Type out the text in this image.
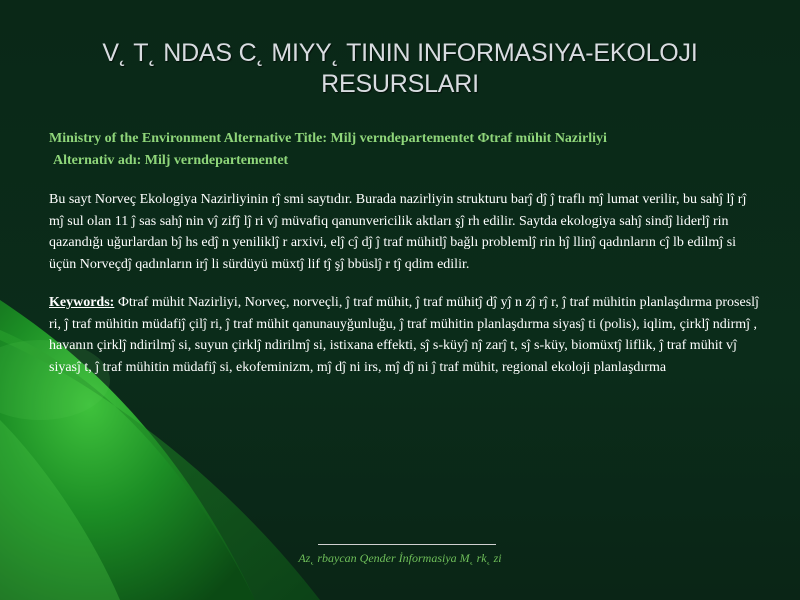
V˛ T˛ NDAS C˛ MIYY˛ TININ INFORMASIYA-EKOLOJI
RESURSLARI

Ministry of the Environment Alternative Title: Milj verndepartementet Фtraf mühit Nazirliyi
Alternativ adı: Milj verndepartementet

Bu sayt Norveç Ekologiya Nazirliyinin rĵ smi saytıdır. Burada nazirliyin strukturu barĵ dĵ ĵ traflı mĵ lumat verilir, bu sahĵ lĵ rĵ mĵ sul olan 11 ĵ sas sahĵ nin vĵ zifĵ lĵ ri vĵ müvafiq qanunvericilik aktları şĵ rh edilir. Saytda ekologiya sahĵ sindĵ liderlĵ rin qazandığı uğurlardan bĵ hs edĵ n yeniliklĵ r arxivi, elĵ cĵ dĵ ĵ traf mühitlĵ bağlı problemlĵ rin hĵ llinĵ qadınların cĵ lb edilmĵ si üçün Norveçdĵ qadınların irĵ li sürdüyü müxtĵ lif tĵ şĵ bbüslĵ r tĵ qdim edilir.

Keywords: Фtraf mühit Nazirliyi, Norveç, norveçli, ĵ traf mühit, ĵ traf mühitĵ dĵ yĵ n zĵ rĵ r, ĵ traf mühitin planlaşdırma proseslĵ ri, ĵ traf mühitin müdafiĵ çilĵ ri, ĵ traf mühit qanunauyğunluğu, ĵ traf mühitin planlaşdırma siyasĵ ti (polis), iqlim, çirklĵ ndirmĵ , havanın çirklĵ ndirilmĵ si, suyun çirklĵ ndirilmĵ si, istixana effekti, sĵ s-küyĵ nĵ zarĵ t, sĵ s-küy, biomüxtĵ liflik, ĵ traf mühit vĵ siyasĵ t, ĵ traf mühitin müdafiĵ si, ekofeminizm, mĵ dĵ ni irs, mĵ dĵ ni ĵ traf mühit, regional ekoloji planlaşdırma

Az˛ rbaycan Qender İnformasiya M˛ rk˛ zi
